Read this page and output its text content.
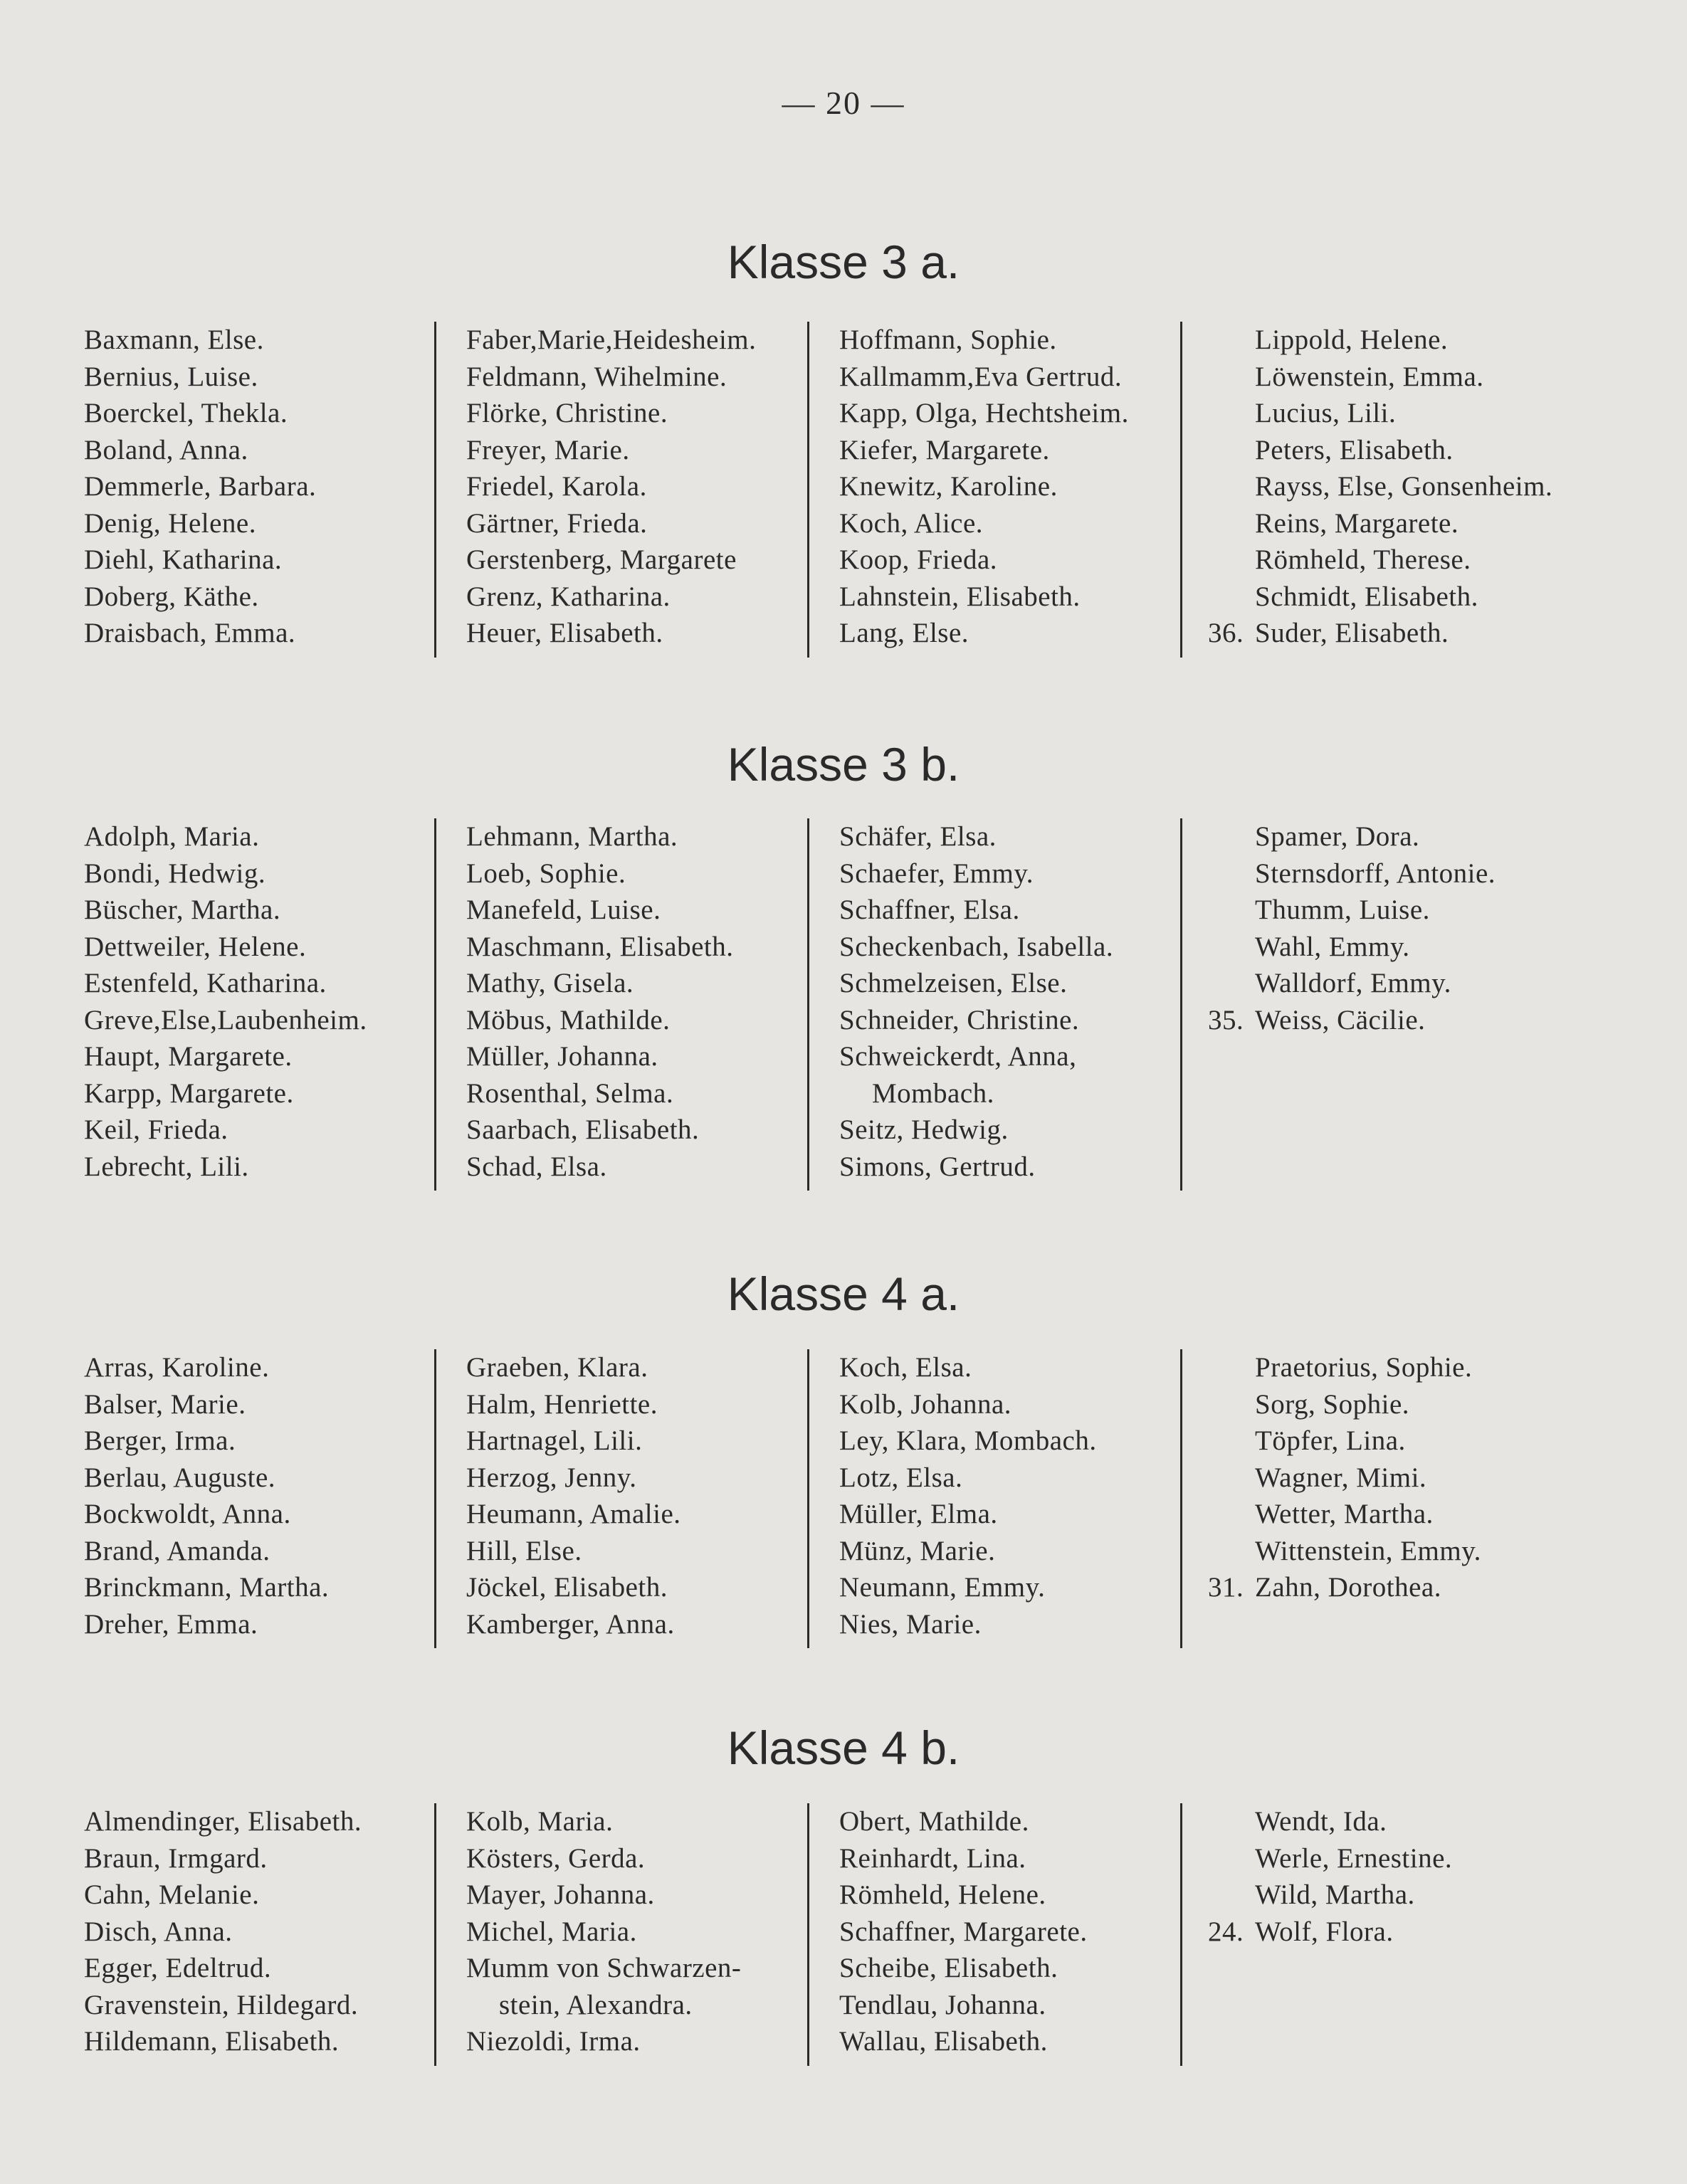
— 20 —
Klasse 3 a.
Baxmann, Else.
Bernius, Luise.
Boerckel, Thekla.
Boland, Anna.
Demmerle, Barbara.
Denig, Helene.
Diehl, Katharina.
Doberg, Käthe.
Draisbach, Emma.
Faber,Marie,Heidesheim.
Feldmann, Wihelmine.
Flörke, Christine.
Freyer, Marie.
Friedel, Karola.
Gärtner, Frieda.
Gerstenberg, Margarete
Grenz, Katharina.
Heuer, Elisabeth.
Hoffmann, Sophie.
Kallmamm,Eva Gertrud.
Kapp, Olga, Hechtsheim.
Kiefer, Margarete.
Knewitz, Karoline.
Koch, Alice.
Koop, Frieda.
Lahnstein, Elisabeth.
Lang, Else.
Lippold, Helene.
Löwenstein, Emma.
Lucius, Lili.
Peters, Elisabeth.
Rayss, Else, Gonsenheim.
Reins, Margarete.
Römheld, Therese.
Schmidt, Elisabeth.
36. Suder, Elisabeth.
Klasse 3 b.
Adolph, Maria.
Bondi, Hedwig.
Büscher, Martha.
Dettweiler, Helene.
Estenfeld, Katharina.
Greve,Else,Laubenheim.
Haupt, Margarete.
Karpp, Margarete.
Keil, Frieda.
Lebrecht, Lili.
Lehmann, Martha.
Loeb, Sophie.
Manefeld, Luise.
Maschmann, Elisabeth.
Mathy, Gisela.
Möbus, Mathilde.
Müller, Johanna.
Rosenthal, Selma.
Saarbach, Elisabeth.
Schad, Elsa.
Schäfer, Elsa.
Schaefer, Emmy.
Schaffner, Elsa.
Scheckenbach, Isabella.
Schmelzeisen, Else.
Schneider, Christine.
Schweickerdt, Anna,
Mombach.
Seitz, Hedwig.
Simons, Gertrud.
Spamer, Dora.
Sternsdorff, Antonie.
Thumm, Luise.
Wahl, Emmy.
Walldorf, Emmy.
35. Weiss, Cäcilie.
Klasse 4 a.
Arras, Karoline.
Balser, Marie.
Berger, Irma.
Berlau, Auguste.
Bockwoldt, Anna.
Brand, Amanda.
Brinckmann, Martha.
Dreher, Emma.
Graeben, Klara.
Halm, Henriette.
Hartnagel, Lili.
Herzog, Jenny.
Heumann, Amalie.
Hill, Else.
Jöckel, Elisabeth.
Kamberger, Anna.
Koch, Elsa.
Kolb, Johanna.
Ley, Klara, Mombach.
Lotz, Elsa.
Müller, Elma.
Münz, Marie.
Neumann, Emmy.
Nies, Marie.
Praetorius, Sophie.
Sorg, Sophie.
Töpfer, Lina.
Wagner, Mimi.
Wetter, Martha.
Wittenstein, Emmy.
31. Zahn, Dorothea.
Klasse 4 b.
Almendinger, Elisabeth.
Braun, Irmgard.
Cahn, Melanie.
Disch, Anna.
Egger, Edeltrud.
Gravenstein, Hildegard.
Hildemann, Elisabeth.
Kolb, Maria.
Kösters, Gerda.
Mayer, Johanna.
Michel, Maria.
Mumm von Schwarzen-
stein, Alexandra.
Niezoldi, Irma.
Obert, Mathilde.
Reinhardt, Lina.
Römheld, Helene.
Schaffner, Margarete.
Scheibe, Elisabeth.
Tendlau, Johanna.
Wallau, Elisabeth.
Wendt, Ida.
Werle, Ernestine.
Wild, Martha.
24. Wolf, Flora.
